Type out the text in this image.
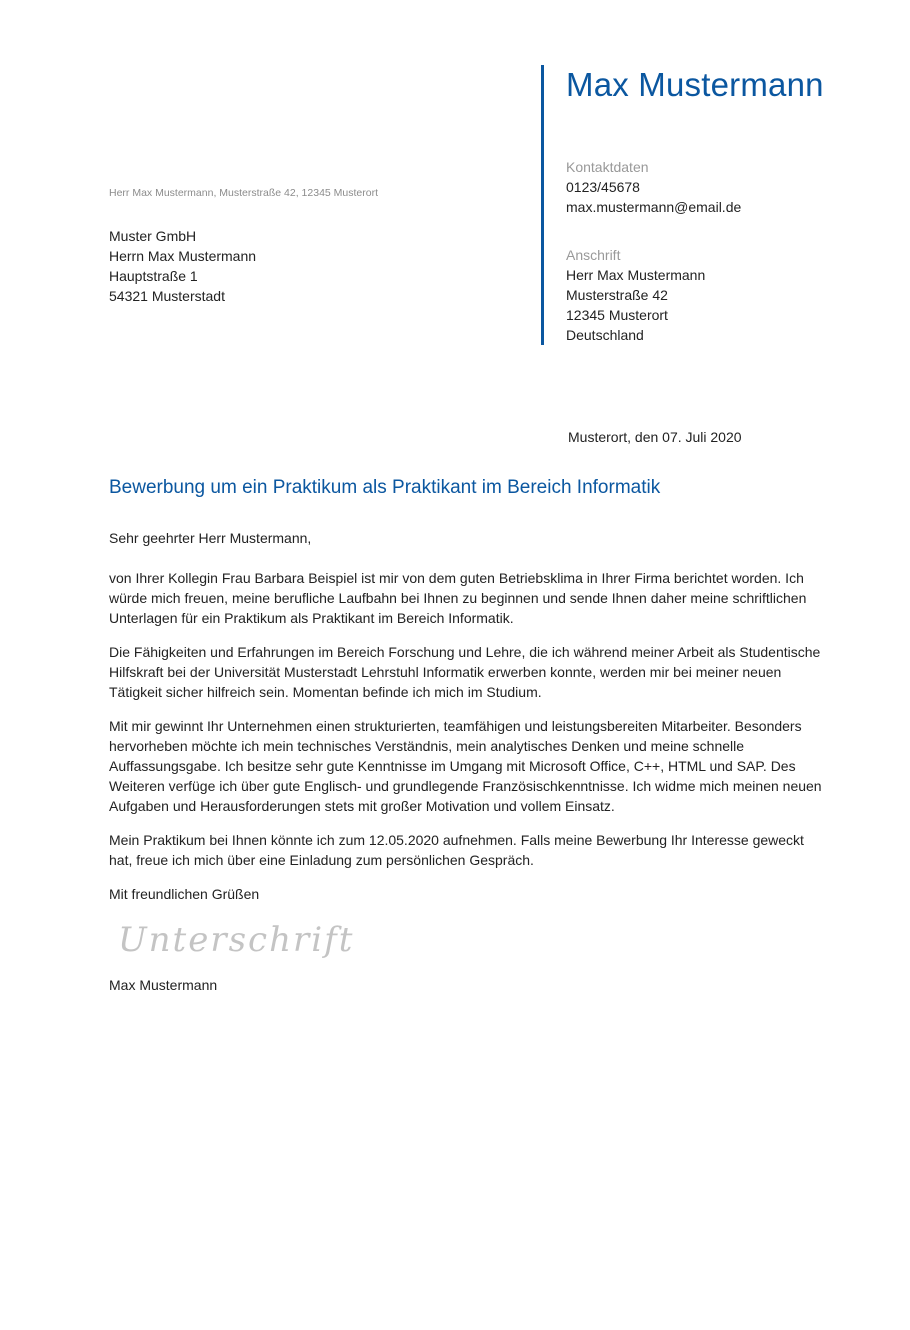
Max Mustermann
Kontaktdaten
0123/45678
max.mustermann@email.de
Anschrift
Herr Max Mustermann
Musterstraße 42
12345 Musterort
Deutschland
Herr Max Mustermann, Musterstraße 42, 12345 Musterort
Muster GmbH
Herrn Max Mustermann
Hauptstraße 1
54321 Musterstadt
Musterort, den 07. Juli 2020
Bewerbung um ein Praktikum als Praktikant im Bereich Informatik

Sehr geehrter Herr Mustermann,

von Ihrer Kollegin Frau Barbara Beispiel ist mir von dem guten Betriebsklima in Ihrer Firma berichtet worden. Ich würde mich freuen, meine berufliche Laufbahn bei Ihnen zu beginnen und sende Ihnen daher meine schriftlichen Unterlagen für ein Praktikum als Praktikant im Bereich Informatik.

Die Fähigkeiten und Erfahrungen im Bereich Forschung und Lehre, die ich während meiner Arbeit als Studentische Hilfskraft bei der Universität Musterstadt Lehrstuhl Informatik erwerben konnte, werden mir bei meiner neuen Tätigkeit sicher hilfreich sein. Momentan befinde ich mich im Studium.

Mit mir gewinnt Ihr Unternehmen einen strukturierten, teamfähigen und leistungsbereiten Mitarbeiter. Besonders hervorheben möchte ich mein technisches Verständnis, mein analytisches Denken und meine schnelle Auffassungsgabe. Ich besitze sehr gute Kenntnisse im Umgang mit Microsoft Office, C++, HTML und SAP. Des Weiteren verfüge ich über gute Englisch- und grundlegende Französischkenntnisse. Ich widme mich meinen neuen Aufgaben und Herausforderungen stets mit großer Motivation und vollem Einsatz.

Mein Praktikum bei Ihnen könnte ich zum 12.05.2020 aufnehmen. Falls meine Bewerbung Ihr Interesse geweckt hat, freue ich mich über eine Einladung zum persönlichen Gespräch.

Mit freundlichen Grüßen

Unterschrift
Max Mustermann
